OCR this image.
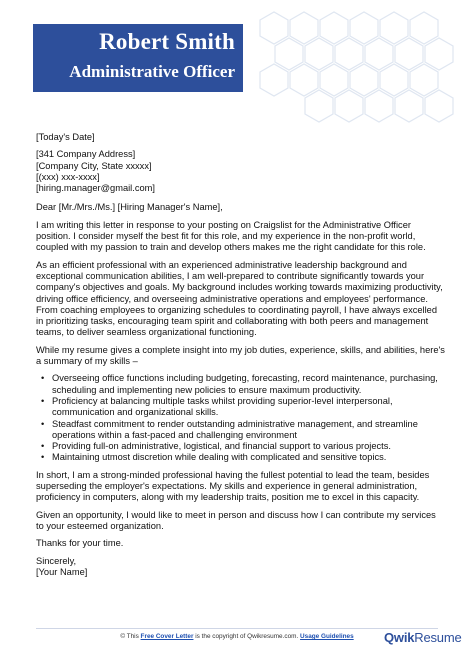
Robert Smith
Administrative Officer

[Today's Date]

[341 Company Address]
[Company City, State xxxxx]
[(xxx) xxx-xxxx]
[hiring.manager@gmail.com]

Dear [Mr./Mrs./Ms.] [Hiring Manager's Name],

I am writing this letter in response to your posting on Craigslist for the Administrative Officer position. I consider myself the best fit for this role, and my experience in the non-profit world, coupled with my passion to train and develop others makes me the right candidate for this role.

As an efficient professional with an experienced administrative leadership background and exceptional communication abilities, I am well-prepared to contribute significantly towards your company's objectives and goals. My background includes working towards maximizing productivity, driving office efficiency, and overseeing administrative operations and employees' performance. From coaching employees to organizing schedules to coordinating payroll, I have always excelled in prioritizing tasks, encouraging team spirit and collaborating with both peers and management teams, to deliver seamless organizational functioning.

While my resume gives a complete insight into my job duties, experience, skills, and abilities, here's a summary of my skills –

• Overseeing office functions including budgeting, forecasting, record maintenance, purchasing, scheduling and implementing new policies to ensure maximum productivity.
• Proficiency at balancing multiple tasks whilst providing superior-level interpersonal, communication and organizational skills.
• Steadfast commitment to render outstanding administrative management, and streamline operations within a fast-paced and challenging environment
• Providing full-on administrative, logistical, and financial support to various projects.
• Maintaining utmost discretion while dealing with complicated and sensitive topics.

In short, I am a strong-minded professional having the fullest potential to lead the team, besides superseding the employer's expectations. My skills and experience in general administration, proficiency in computers, along with my leadership traits, position me to excel in this capacity.

Given an opportunity, I would like to meet in person and discuss how I can contribute my services to your esteemed organization.

Thanks for your time.

Sincerely,

[Your Name]

© This Free Cover Letter is the copyright of Qwikresume.com. Usage Guidelines	QwikResume
